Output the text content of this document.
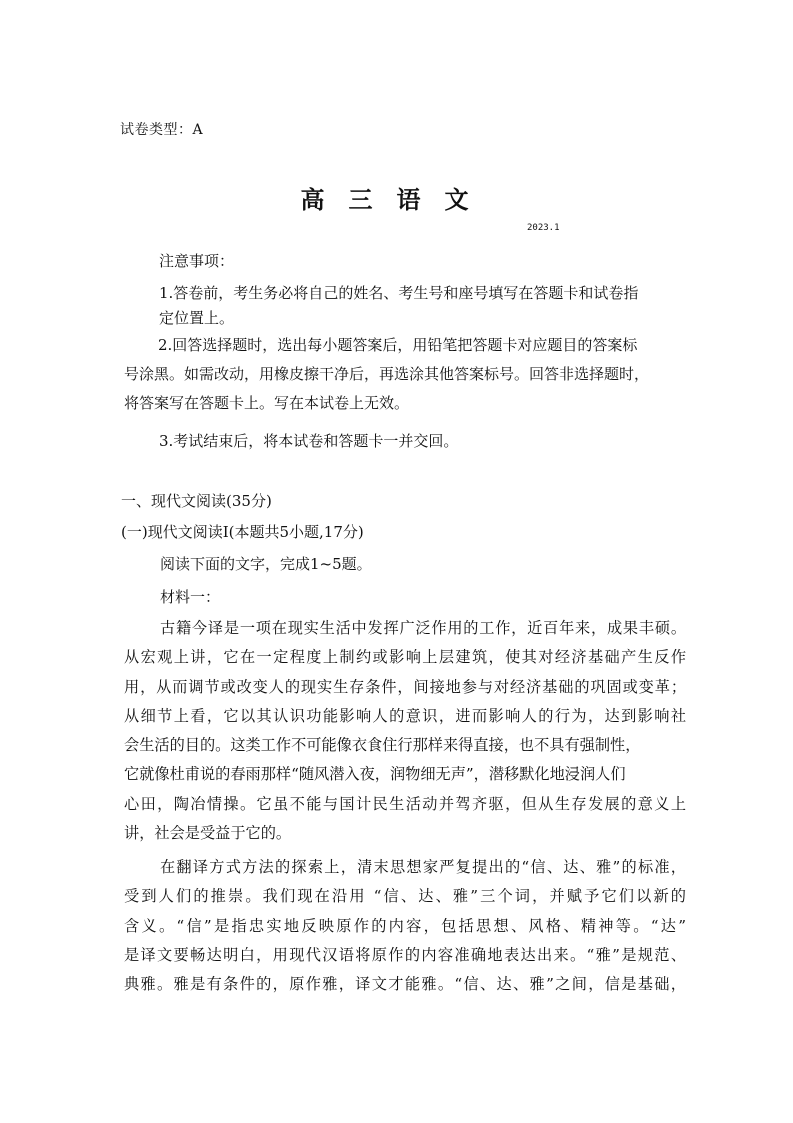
试卷类型：A
高三语文
2023.1
注意事项：
1.答卷前，考生务必将自己的姓名、考生号和座号填写在答题卡和试卷指
定位置上。
2.回答选择题时，选出每小题答案后，用铅笔把答题卡对应题目的答案标
号涂黑。如需改动，用橡皮擦干净后，再选涂其他答案标号。回答非选择题时，
将答案写在答题卡上。写在本试卷上无效。
3.考试结束后，将本试卷和答题卡一并交回。
一、现代文阅读(35分)
(一)现代文阅读Ⅰ(本题共5小题,17分)
阅读下面的文字，完成1~5题。
材料一：
古籍今译是一项在现实生活中发挥广泛作用的工作，近百年来，成果丰硕。
从宏观上讲，它在一定程度上制约或影响上层建筑，使其对经济基础产生反作
用，从而调节或改变人的现实生存条件，间接地参与对经济基础的巩固或变革；
从细节上看，它以其认识功能影响人的意识，进而影响人的行为，达到影响社
会生活的目的。这类工作不可能像衣食住行那样来得直接，也不具有强制性，
它就像杜甫说的春雨那样“随风潜入夜，润物细无声”，潜移默化地浸润人们
心田，陶冶情操。它虽不能与国计民生活动并驾齐驱，但从生存发展的意义上
讲，社会是受益于它的。
在翻译方式方法的探索上，清末思想家严复提出的“信、达、雅”的标准，
受到人们的推崇。我们现在沿用 “信、达、雅”三个词，并赋予它们以新的
含义。“信”是指忠实地反映原作的内容，包括思想、风格、精神等。“达”
是译文要畅达明白，用现代汉语将原作的内容准确地表达出来。“雅”是规范、
典雅。雅是有条件的，原作雅，译文才能雅。“信、达、雅”之间，信是基础，
